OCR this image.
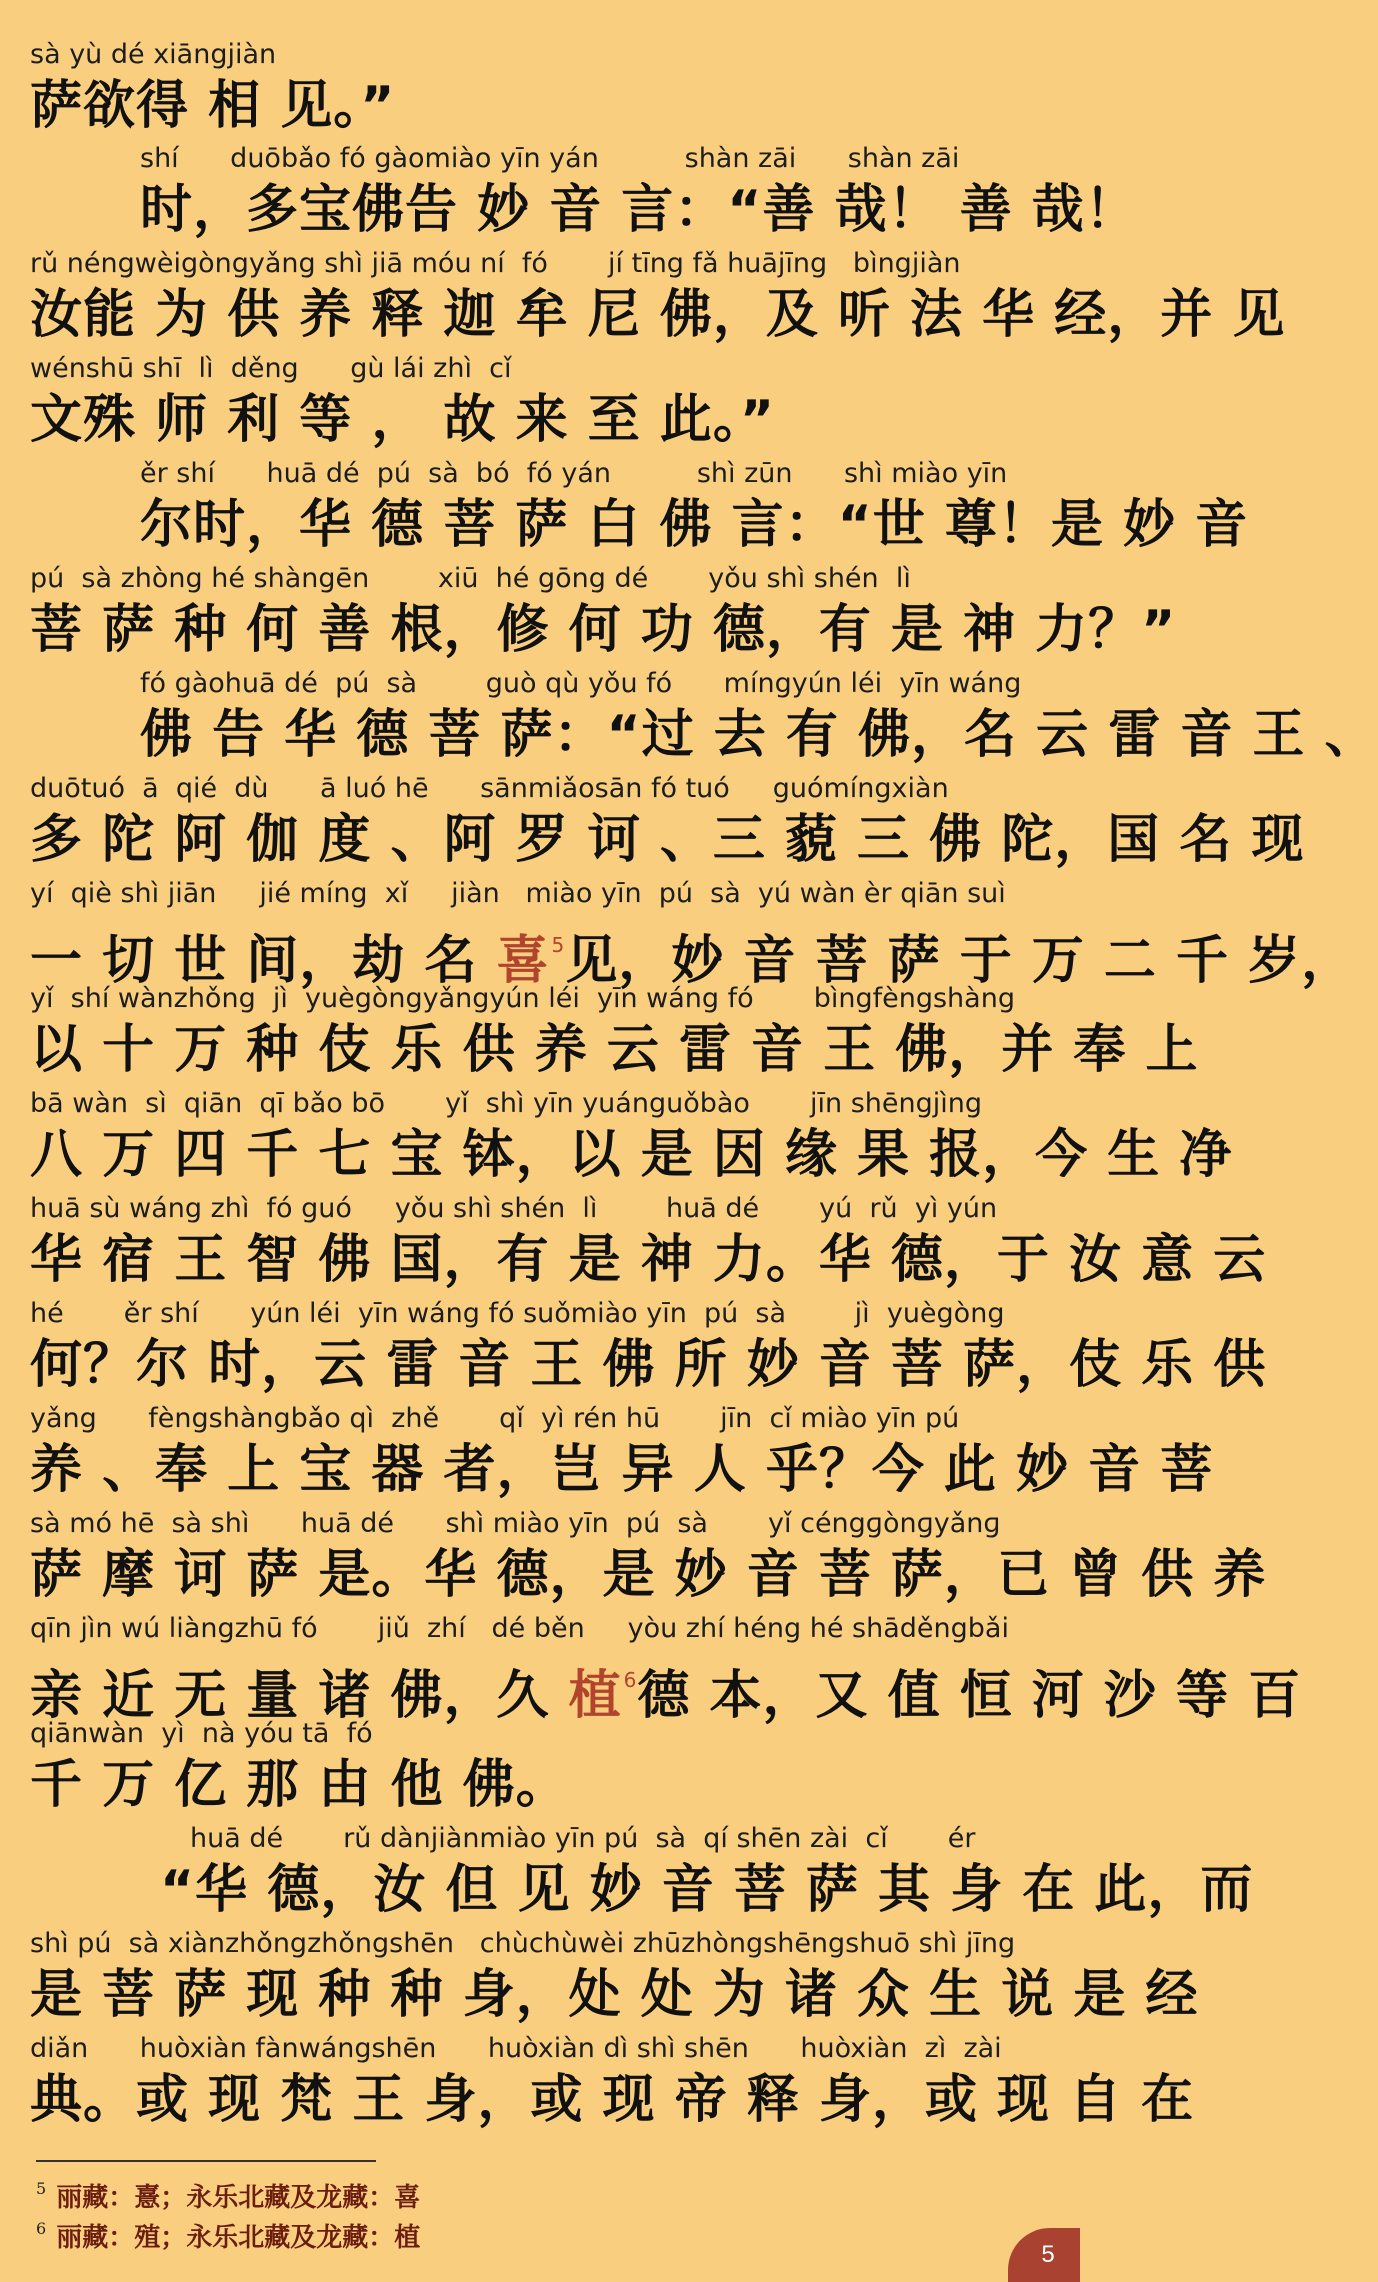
sà yù dé xiāngjiàn
萨欲得 相 见。”
shí      duōbǎo fó gàomiào yīn yán          shàn zāi      shàn zāi
时，多宝佛告 妙 音 言：“善 哉！ 善 哉！
rǔ néngwèigòngyǎng shì jiā móu ní  fó       jí tīng fǎ huājīng   bìngjiàn
汝能 为 供 养 释 迦 牟 尼 佛，及 听 法 华 经，并 见
wénshū shī  lì  děng      gù lái zhì  cǐ
文殊 师 利 等 ， 故 来 至 此。”
ěr shí      huā dé  pú  sà  bó  fó yán          shì zūn      shì miào yīn
尔时，华 德 菩 萨 白 佛 言：“世 尊！是 妙 音
pú  sà zhòng hé shàngēn        xiū  hé gōng dé       yǒu shì shén  lì
菩 萨 种 何 善 根，修 何 功 德，有 是 神 力？”
fó gàohuā dé  pú  sà        guò qù yǒu fó      míngyún léi  yīn wáng
佛 告 华 德 菩 萨：“过 去 有 佛，名 云 雷 音 王 、
duōtuó  ā  qié  dù      ā luó hē      sānmiǎosān fó tuó     guómíngxiàn
多 陀 阿 伽 度 、阿 罗 诃 、三 藐 三 佛 陀，国 名 现
yí  qiè shì jiān     jié míng  xǐ     jiàn   miào yīn  pú  sà  yú wàn èr qiān suì
一 切 世 间，劫 名 喜 $^5$见，妙 音 菩 萨 于 万 二 千 岁，
yǐ  shí wànzhǒng  jì  yuègòngyǎngyún léi  yīn wáng fó       bìngfèngshàng
以 十 万 种 伎 乐 供 养 云 雷 音 王 佛，并 奉 上
bā wàn  sì  qiān  qī bǎo bō       yǐ  shì yīn yuánguǒbào       jīn shēngjìng
八 万 四 千 七 宝 钵，以 是 因 缘 果 报，今 生 净
huā sù wáng zhì  fó guó     yǒu shì shén  lì        huā dé       yú  rǔ  yì yún
华 宿 王 智 佛 国，有 是 神 力。华 德，于 汝 意 云
hé       ěr shí      yún léi  yīn wáng fó suǒmiào yīn  pú  sà        jì  yuègòng
何？尔 时，云 雷 音 王 佛 所 妙 音 菩 萨，伎 乐 供
yǎng      fèngshàngbǎo qì  zhě       qǐ  yì rén hū       jīn  cǐ miào yīn pú
养 、奉 上 宝 器 者，岂 异 人 乎？今 此 妙 音 菩
sà mó hē  sà shì      huā dé      shì miào yīn  pú  sà       yǐ céngɡònɡyǎnɡ
萨 摩 诃 萨 是。华 德，是 妙 音 菩 萨，已 曾 供 养
qīn jìn wú liàngzhū fó       jiǔ  zhí   dé běn     yòu zhí héng hé shāděngbǎi
亲 近 无 量 诸 佛，久 植 $^6$德 本，又 值 恒 河 沙 等 百
qiānwàn  yì  nà yóu tā  fó
千 万 亿 那 由 他 佛。
huā dé       rǔ dànjiànmiào yīn pú  sà  qí shēn zài  cǐ       ér
“华 德，汝 但 见 妙 音 菩 萨 其 身 在 此，而
shì pú  sà xiànzhǒngzhǒngshēn   chùchùwèi zhūzhòngshēngshuō shì jīng
是 菩 萨 现 种 种 身，处 处 为 诸 众 生 说 是 经
diǎn      huòxiàn fànwángshēn      huòxiàn dì shì shēn      huòxiàn  zì  zài
典。或 现 梵 王 身，或 现 帝 释 身，或 现 自 在
$^5$ 丽藏：憙；永乐北藏及龙藏：喜
$^6$ 丽藏：殖；永乐北藏及龙藏：植
5
